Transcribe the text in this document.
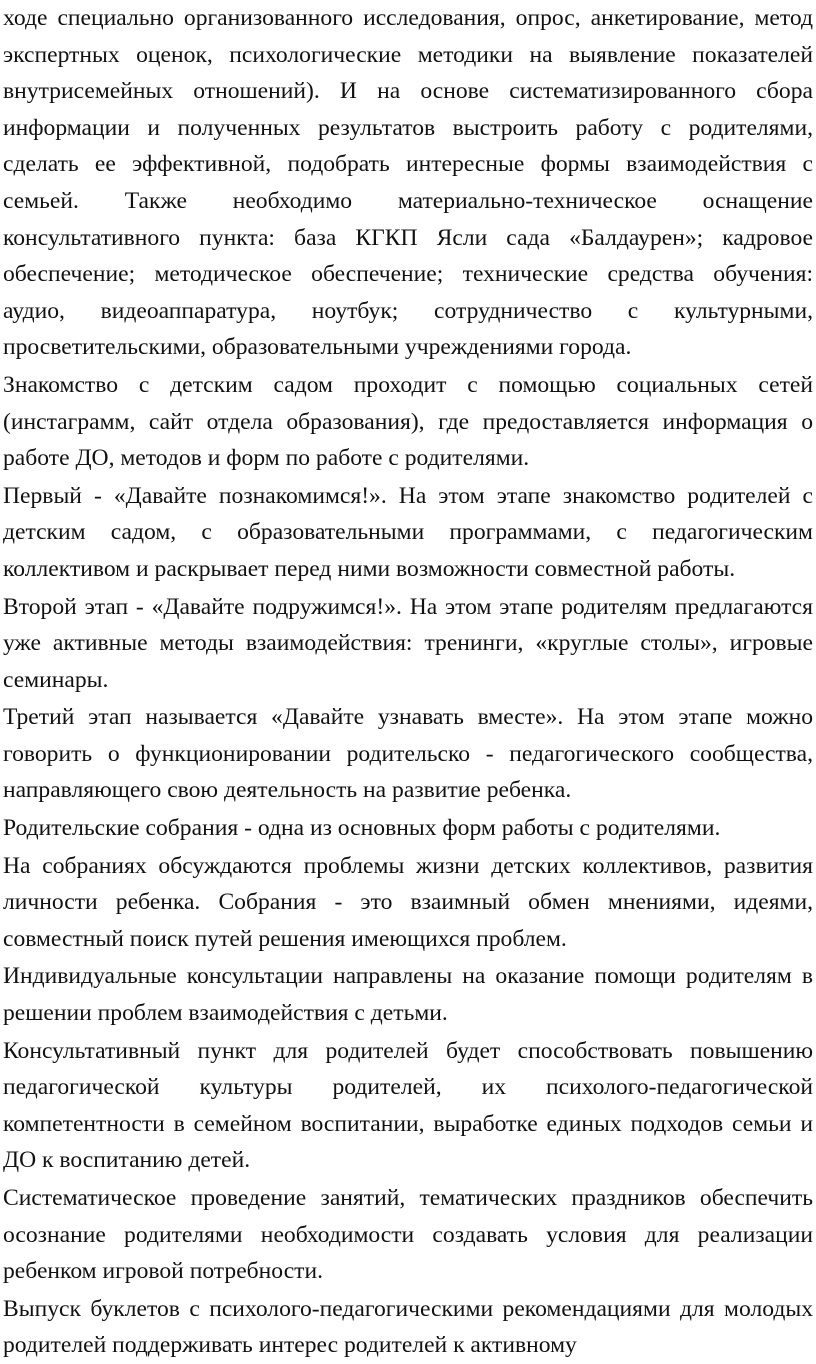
ходе специально организованного исследования, опрос, анкетирование, метод экспертных оценок, психологические методики на выявление показателей внутрисемейных отношений). И на основе систематизированного сбора информации и полученных результатов выстроить работу с родителями, сделать ее эффективной, подобрать интересные формы взаимодействия с семьей. Также необходимо материально-техническое оснащение консультативного пункта: база КГКП Ясли сада «Балдаурен»; кадровое обеспечение; методическое обеспечение; технические средства обучения: аудио, видеоаппаратура, ноутбук; сотрудничество с культурными, просветительскими, образовательными учреждениями города.

Знакомство с детским садом проходит с помощью социальных сетей (инстаграмм, сайт отдела образования), где предоставляется информация о работе ДО, методов и форм по работе с родителями.

Первый - «Давайте познакомимся!». На этом этапе знакомство родителей с детским садом, с образовательными программами, с педагогическим коллективом и раскрывает перед ними возможности совместной работы.

Второй этап - «Давайте подружимся!». На этом этапе родителям предлагаются уже активные методы взаимодействия: тренинги, «круглые столы», игровые семинары.

Третий этап называется «Давайте узнавать вместе». На этом этапе можно говорить о функционировании родительско - педагогического сообщества, направляющего свою деятельность на развитие ребенка.

Родительские собрания - одна из основных форм работы с родителями.

На собраниях обсуждаются проблемы жизни детских коллективов, развития личности ребенка. Собрания - это взаимный обмен мнениями, идеями, совместный поиск путей решения имеющихся проблем.

Индивидуальные консультации направлены на оказание помощи родителям в решении проблем взаимодействия с детьми.

Консультативный пункт для родителей будет способствовать повышению педагогической культуры родителей, их психолого-педагогической компетентности в семейном воспитании, выработке единых подходов семьи и ДО к воспитанию детей.

Систематическое проведение занятий, тематических праздников обеспечить осознание родителями необходимости создавать условия для реализации ребенком игровой потребности.

Выпуск буклетов с психолого-педагогическими рекомендациями для молодых родителей поддерживать интерес родителей к активному
